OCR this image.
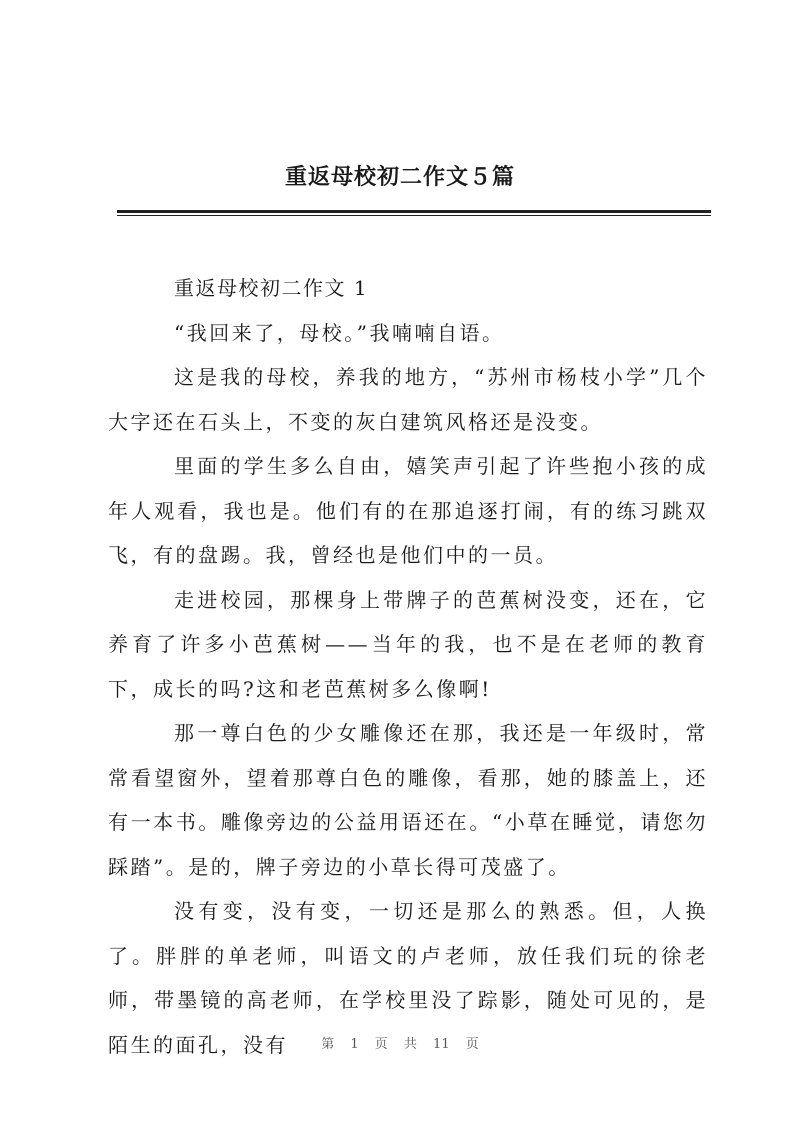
重返母校初二作文５篇

重返母校初二作文 1

“我回来了，母校。”我喃喃自语。

这是我的母校，养我的地方，“苏州市杨枝小学”几个大字还在石头上，不变的灰白建筑风格还是没变。

里面的学生多么自由，嬉笑声引起了许些抱小孩的成年人观看，我也是。他们有的在那追逐打闹，有的练习跳双飞，有的盘踢。我，曾经也是他们中的一员。

走进校园，那棵身上带牌子的芭蕉树没变，还在，它养育了许多小芭蕉树——当年的我，也不是在老师的教育下，成长的吗?这和老芭蕉树多么像啊!

那一尊白色的少女雕像还在那，我还是一年级时，常常看望窗外，望着那尊白色的雕像，看那，她的膝盖上，还有一本书。雕像旁边的公益用语还在。“小草在睡觉，请您勿踩踏”。是的，牌子旁边的小草长得可茂盛了。

没有变，没有变，一切还是那么的熟悉。但，人换了。胖胖的单老师，叫语文的卢老师，放任我们玩的徐老师，带墨镜的高老师，在学校里没了踪影，随处可见的，是陌生的面孔，没有	第 1 页 共 11 页
